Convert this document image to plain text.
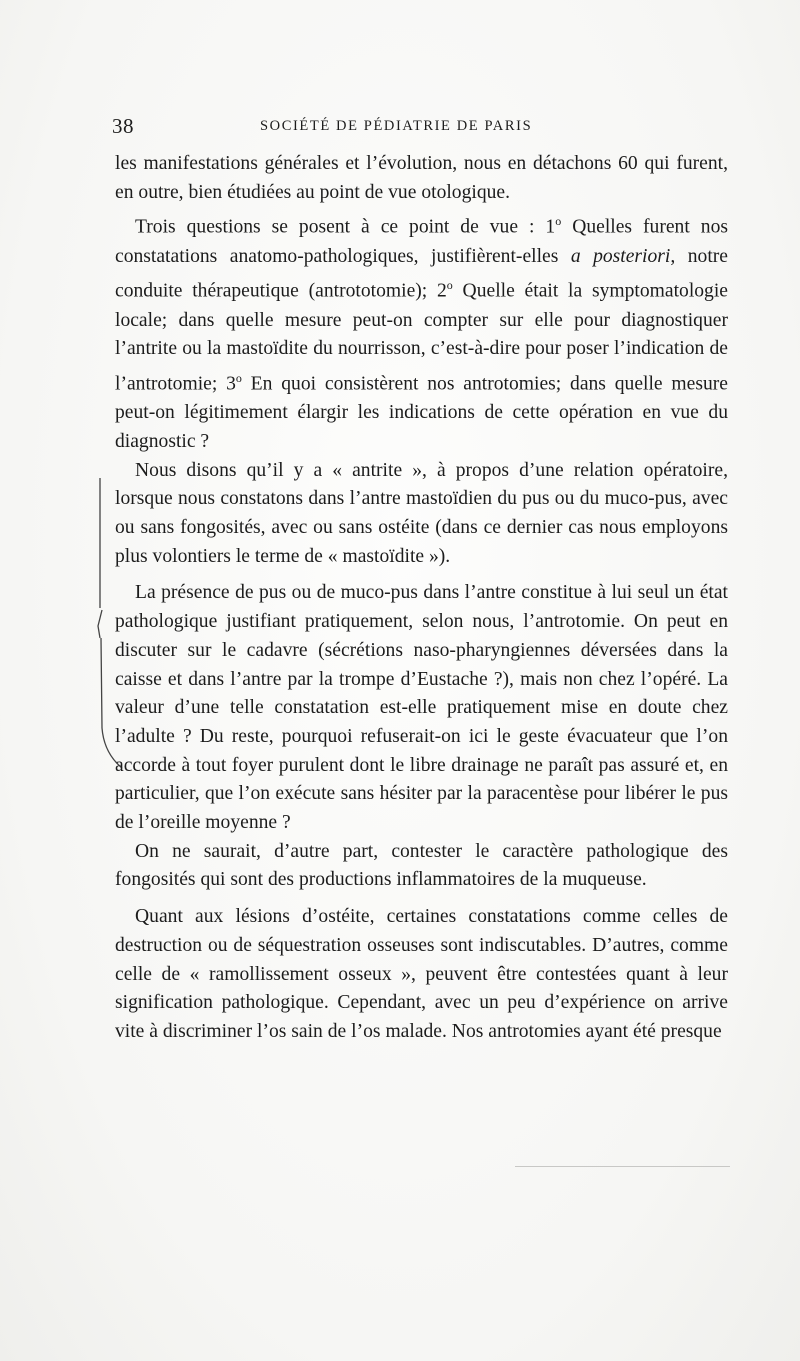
38	SOCIÉTÉ DE PÉDIATRIE DE PARIS

les manifestations générales et l’évolution, nous en détachons 60 qui furent, en outre, bien étudiées au point de vue otologique.

Trois questions se posent à ce point de vue : 1$^o$ Quelles furent nos constatations anatomo-pathologiques, justifièrent-elles a posteriori, notre conduite thérapeutique (antrototomie); 2$^o$ Quelle était la symptomatologie locale; dans quelle mesure peut-on compter sur elle pour diagnostiquer l’antrite ou la mastoïdite du nourrisson, c’est-à-dire pour poser l’indication de l’antrotomie; 3$^o$ En quoi consistèrent nos antrotomies; dans quelle mesure peut-on légitimement élargir les indications de cette opération en vue du diagnostic ?

Nous disons qu’il y a « antrite », à propos d’une relation opératoire, lorsque nous constatons dans l’antre mastoïdien du pus ou du muco-pus, avec ou sans fongosités, avec ou sans ostéite (dans ce dernier cas nous employons plus volontiers le terme de « mastoïdite »).

La présence de pus ou de muco-pus dans l’antre constitue à lui seul un état pathologique justifiant pratiquement, selon nous, l’antrotomie. On peut en discuter sur le cadavre (sécrétions naso-pharyngiennes déversées dans la caisse et dans l’antre par la trompe d’Eustache ?), mais non chez l’opéré. La valeur d’une telle constatation est-elle pratiquement mise en doute chez l’adulte ? Du reste, pourquoi refuserait-on ici le geste évacuateur que l’on accorde à tout foyer purulent dont le libre drainage ne paraît pas assuré et, en particulier, que l’on exécute sans hésiter par la paracentèse pour libérer le pus de l’oreille moyenne ?

On ne saurait, d’autre part, contester le caractère pathologique des fongosités qui sont des productions inflammatoires de la muqueuse.

Quant aux lésions d’ostéite, certaines constatations comme celles de destruction ou de séquestration osseuses sont indiscutables. D’autres, comme celle de « ramollissement osseux », peuvent être contestées quant à leur signification pathologique. Cependant, avec un peu d’expérience on arrive vite à discriminer l’os sain de l’os malade. Nos antrotomies ayant été presque
